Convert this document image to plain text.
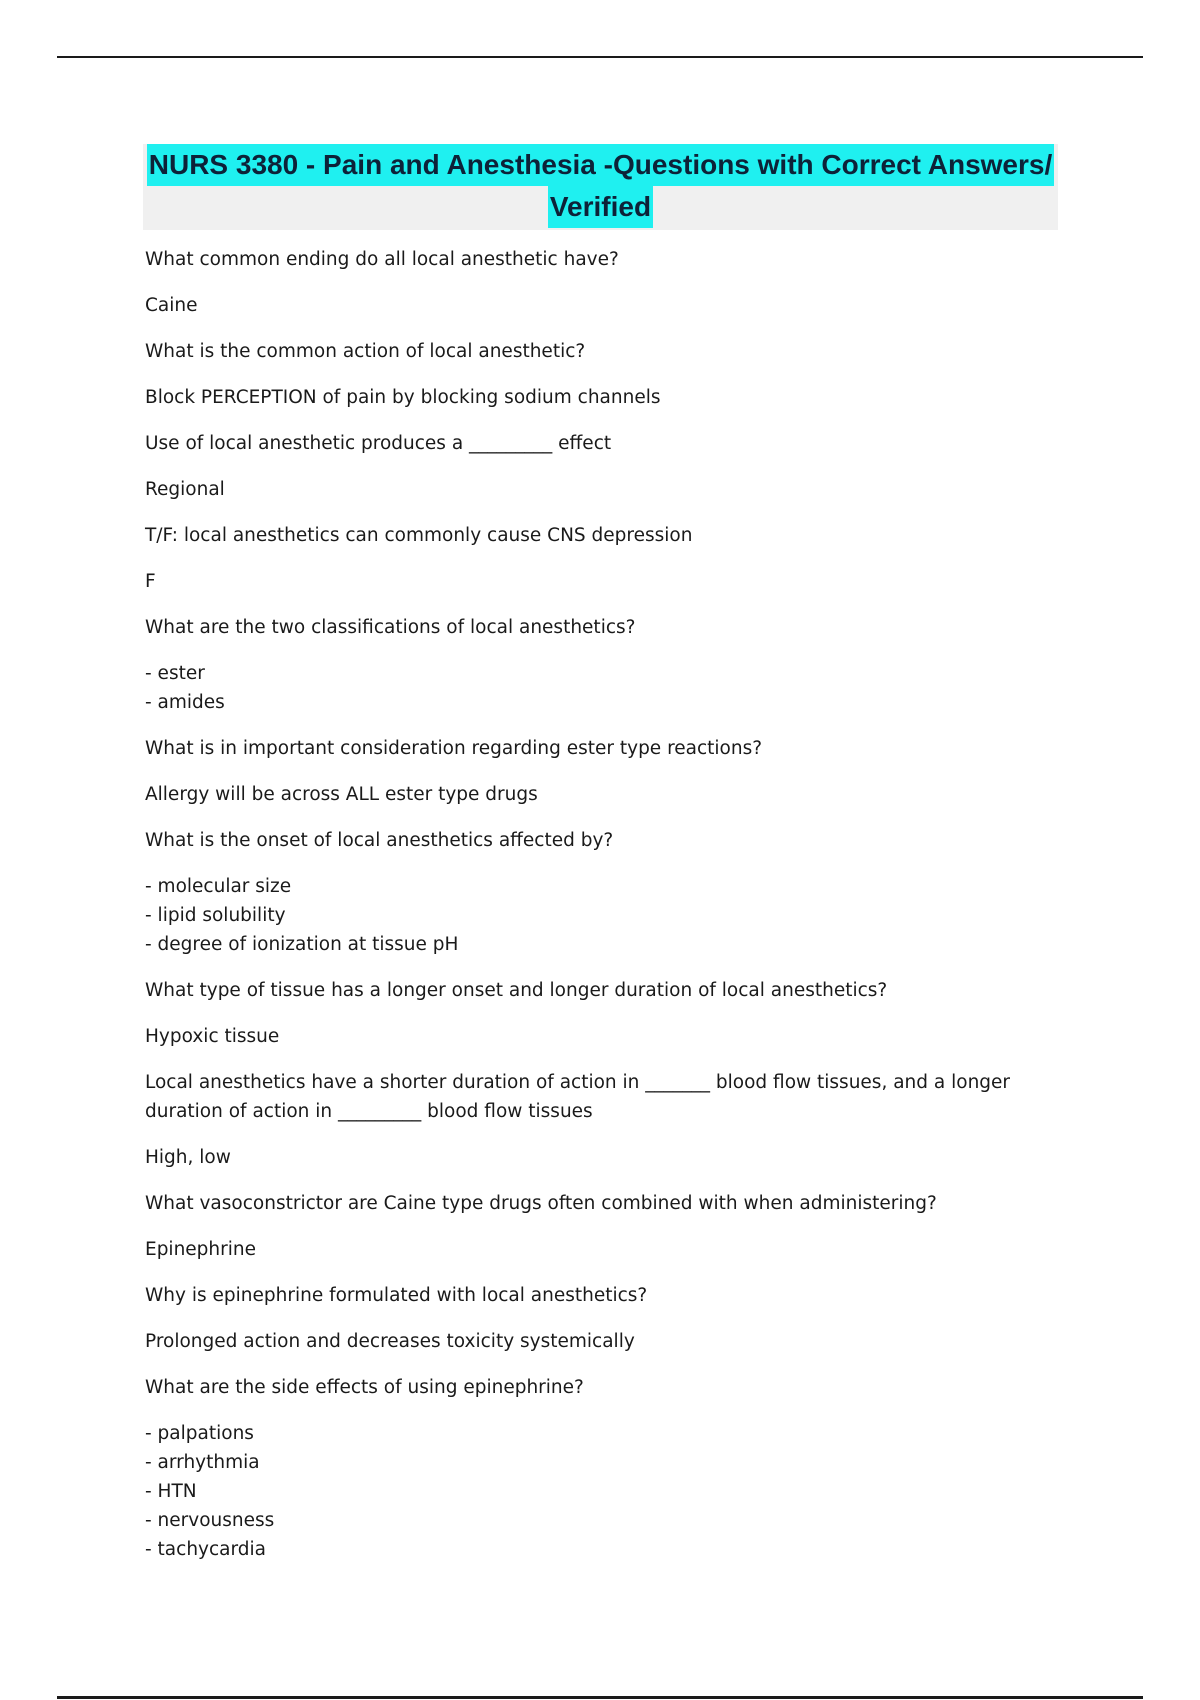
NURS 3380 - Pain and Anesthesia -Questions with Correct Answers/
Verified
What common ending do all local anesthetic have?
Caine
What is the common action of local anesthetic?
Block PERCEPTION of pain by blocking sodium channels
Use of local anesthetic produces a _________ effect
Regional
T/F: local anesthetics can commonly cause CNS depression
F
What are the two classifications of local anesthetics?
- ester
- amides
What is in important consideration regarding ester type reactions?
Allergy will be across ALL ester type drugs
What is the onset of local anesthetics affected by?
- molecular size
- lipid solubility
- degree of ionization at tissue pH
What type of tissue has a longer onset and longer duration of local anesthetics?
Hypoxic tissue
Local anesthetics have a shorter duration of action in _______ blood flow tissues, and a longer
duration of action in _________ blood flow tissues
High, low
What vasoconstrictor are Caine type drugs often combined with when administering?
Epinephrine
Why is epinephrine formulated with local anesthetics?
Prolonged action and decreases toxicity systemically
What are the side effects of using epinephrine?
- palpations
- arrhythmia
- HTN
- nervousness
- tachycardia
